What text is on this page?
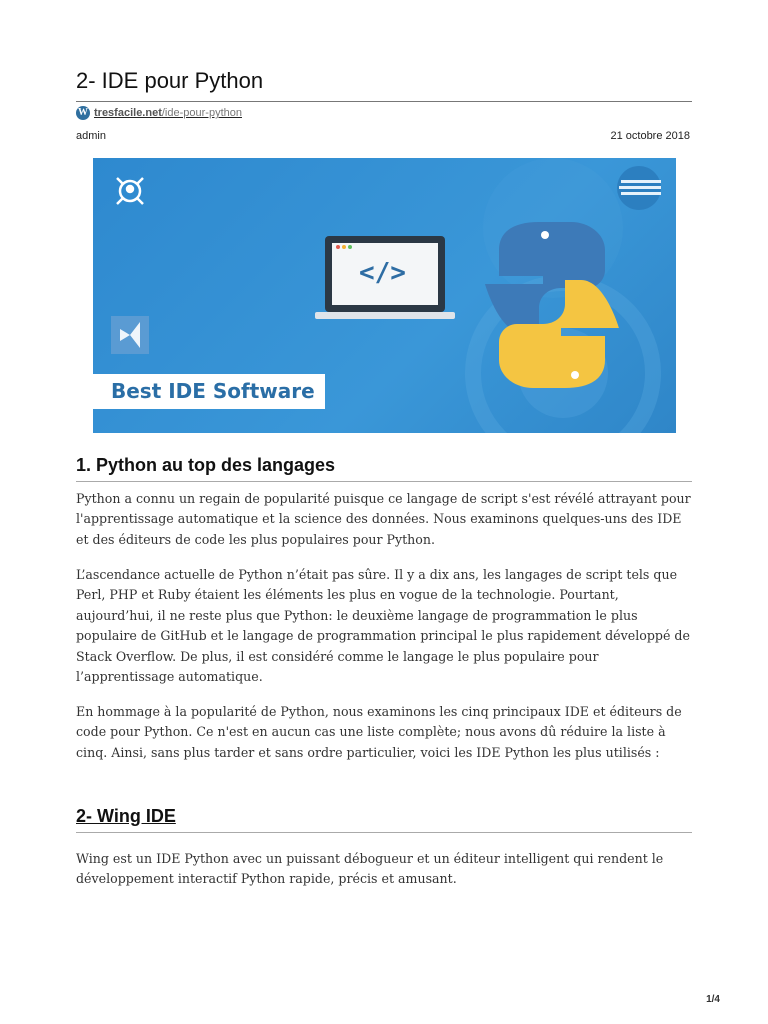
2- IDE pour Python
W tresfacile.net/ide-pour-python
admin	21 octobre 2018
</>
Best IDE Software
1. Python au top des langages

Python a connu un regain de popularité puisque ce langage de script s'est révélé attrayant pour l'apprentissage automatique et la science des données. Nous examinons quelques-uns des IDE et des éditeurs de code les plus populaires pour Python.

L’ascendance actuelle de Python n’était pas sûre. Il y a dix ans, les langages de script tels que Perl, PHP et Ruby étaient les éléments les plus en vogue de la technologie. Pourtant, aujourd’hui, il ne reste plus que Python: le deuxième langage de programmation le plus populaire de GitHub et le langage de programmation principal le plus rapidement développé de Stack Overflow. De plus, il est considéré comme le langage le plus populaire pour l’apprentissage automatique.

En hommage à la popularité de Python, nous examinons les cinq principaux IDE et éditeurs de code pour Python. Ce n'est en aucun cas une liste complète; nous avons dû réduire la liste à cinq. Ainsi, sans plus tarder et sans ordre particulier, voici les IDE Python les plus utilisés :

2- Wing IDE

Wing est un IDE Python avec un puissant débogueur et un éditeur intelligent qui rendent le développement interactif Python rapide, précis et amusant.

1/4
